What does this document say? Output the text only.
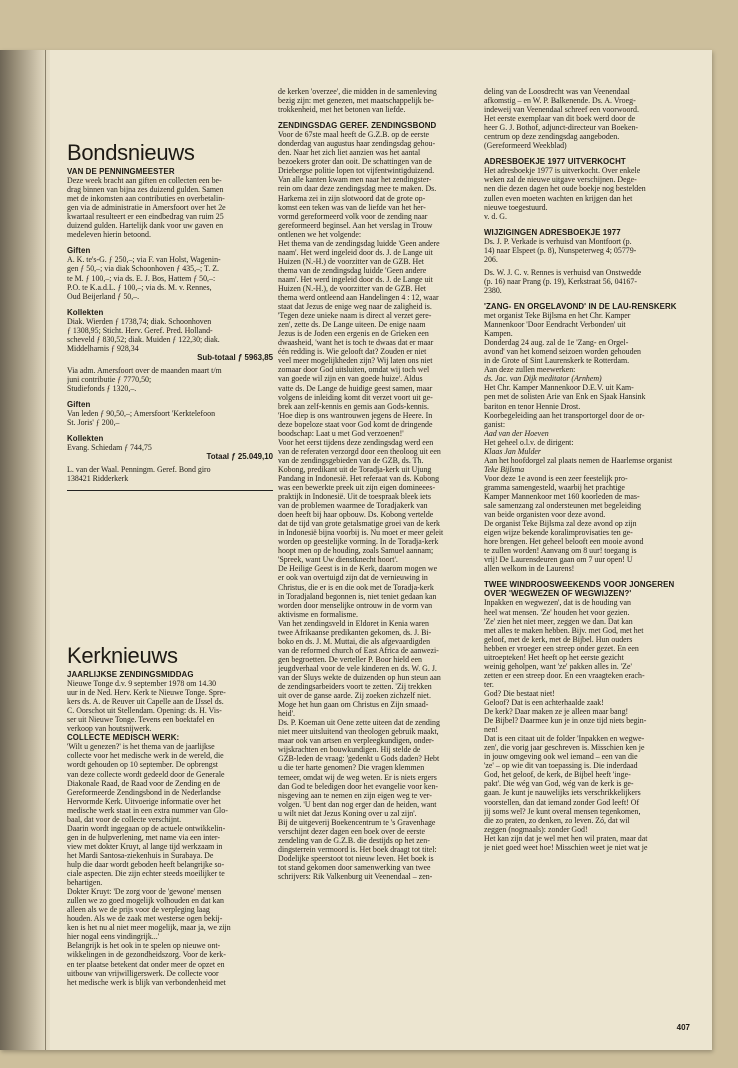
Bondsnieuws

VAN DE PENNINGMEESTER

Deze week bracht aan giften en collecten een be-

drag binnen van bijna zes duizend gulden. Samen

met de inkomsten aan contributies en overbetalin-

gen via de administratie in Amersfoort over het 2e

kwartaal resulteert er een eindbedrag van ruim 25

duizend gulden. Hartelijk dank voor uw gaven en

medeleven hierin betoond.

Giften

A. K. te's-G. ƒ 250,–; via F. van Holst, Wagenin-

gen ƒ 50,–; via diak Schoonhoven ƒ 435,–; T. Z.

te M. ƒ 100,–; via ds. E. J. Bos, Hattem ƒ 50,–:

P.O. te K.a.d.L. ƒ 100,–; via ds. M. v. Rennes,

Oud Beijerland ƒ 50,–.

Kollekten

Diak. Wierden ƒ 1738,74; diak. Schoonhoven

ƒ 1308,95; Sticht. Herv. Geref. Pred. Holland-

scheveld ƒ 830,52; diak. Muiden ƒ 122,30; diak.

Middelharnis ƒ 928,34

Sub-totaal ƒ 5963,85

Via adm. Amersfoort over de maanden maart t/m

juni contributie ƒ 7770,50;

Studiefonds ƒ 1320,–.

Giften

Van leden ƒ 90,50,–; Amersfoort 'Kerktelefoon

St. Joris' ƒ 200,–

Kollekten

Evang. Schiedam ƒ 744,75

Totaal ƒ 25.049,10

L. van der Waal. Penningm. Geref. Bond giro

138421 Ridderkerk

Kerknieuws

JAARLIJKSE ZENDINGSMIDDAG

Nieuwe Tonge d.v. 9 september 1978 om 14.30

uur in de Ned. Herv. Kerk te Nieuwe Tonge. Spre-

kers ds. A. de Reuver uit Capelle aan de IJssel ds.

C. Oorschot uit Stellendam. Opening: ds. H. Vis-

ser uit Nieuwe Tonge. Tevens een boektafel en

verkoop van houtsnijwerk.

COLLECTE MEDISCH WERK:

'Wilt u genezen?' is het thema van de jaarlijkse

collecte voor het medische werk in de wereld, die

wordt gehouden op 10 september. De opbrengst

van deze collecte wordt gedeeld door de Generale

Diakonale Raad, de Raad voor de Zending en de

Gereformeerde Zendingsbond in de Nederlandse

Hervormde Kerk. Uitvoerige informatie over het

medische werk staat in een extra nummer van Glo-

baal, dat voor de collecte verschijnt.

Daarin wordt ingegaan op de actuele ontwikkelin-

gen in de hulpverlening, met name via een inter-

view met dokter Kruyt, al lange tijd werkzaam in

het Mardi Santosa-ziekenhuis in Surabaya. De

hulp die daar wordt geboden heeft belangrijke so-

ciale aspecten. Die zijn echter steeds moeilijker te

behartigen.

Dokter Kruyt: 'De zorg voor de 'gewone' mensen

zullen we zo goed mogelijk volhouden en dat kan

alleen als we de prijs voor de verpleging laag

houden. Als we de zaak met westerse ogen bekij-

ken is het nu al niet meer mogelijk, maar ja, we zijn

hier nogal eens vindingrijk...'

Belangrijk is het ook in te spelen op nieuwe ont-

wikkelingen in de gezondheidszorg. Voor de kerk-

en ter plaatse betekent dat onder meer de opzet en

uitbouw van vrijwilligerswerk. De collecte voor

het medische werk is blijk van verbondenheid met

de kerken 'overzee', die midden in de samenleving

bezig zijn: met genezen, met maatschappelijk be-

trokkenheid, met het betonen van liefde.

ZENDINGSDAG GEREF. ZENDINGSBOND

Voor de 67ste maal heeft de G.Z.B. op de eerste

donderdag van augustus haar zendingsdag gehou-

den. Naar het zich liet aanzien was het aantal

bezoekers groter dan ooit. De schattingen van de

Driebergse politie lopen tot vijfentwintigduizend.

Van alle kanten kwam men naar het zendingster-

rein om daar deze zendingsdag mee te maken. Ds.

Harkema zei in zijn slotwoord dat de grote op-

komst een teken was van de liefde van het her-

vormd gereformeerd volk voor de zending naar

gereformeerd beginsel. Aan het verslag in Trouw

ontlenen we het volgende:

Het thema van de zendingsdag luidde 'Geen andere

naam'. Het werd ingeleid door ds. J. de Lange uit

Huizen (N.-H.) de voorzitter van de GZB. Het

thema van de zendingsdag luidde 'Geen andere

naam'. Het werd ingeleid door ds. J. de Lange uit

Huizen (N.-H.), de voorzitter van de GZB. Het

thema werd ontleend aan Handelingen 4 : 12, waar

staat dat Jezus de enige weg naar de zaligheid is.

'Tegen deze unieke naam is direct al verzet gere-

zen', zette ds. De Lange uiteen. De enige naam

Jezus is de Joden een ergenis en de Grieken een

dwaasheid, 'want het is toch te dwaas dat er maar

één redding is. Wie gelooft dat? Zouden er niet

veel meer mogelijkheden zijn? Wij laten ons niet

zomaar door God uitsluiten, omdat wij toch wel

van goede wil zijn en van goede huize'. Aldus

vatte ds. De Lange de huidige geest samen, maar

volgens de inleiding komt dit verzet voort uit ge-

brek aan zelf-kennis en gemis aan Gods-kennis.

'Hoe diep is ons wantrouwen jegens de Heere. In

deze bopeloze staat voor God komt de dringende

boodschap: Laat u met God verzoenen!'

Voor het eerst tijdens deze zendingsdag werd een

van de referaten verzorgd door een theoloog uit een

van de zendingsgebieden van de GZB, ds. Th.

Kobong, predikant uit de Toradja-kerk uit Ujung

Pandang in Indonesië. Het referaat van ds. Kobong

was een bewerkte preek uit zijn eigen domineees-

praktijk in Indonesië. Uit de toespraak bleek iets

van de problemen waarmee de Toradjakerk van

doen heeft bij haar opbouw. Ds. Kobong vertelde

dat de tijd van grote getalsmatige groei van de kerk

in Indonesië bijna voorbij is. Nu moet er meer geleit

worden op geestelijke vorming. In de Toradja-kerk

hoopt men op de houding, zoals Samuel aannam;

'Spreek, want Uw dienstknecht hoort'.

De Heilige Geest is in de Kerk, daarom mogen we

er ook van overtuigd zijn dat de vernieuwing in

Christus, die er is en die ook met de Toradja-kerk

in Toradjaland begonnen is, niet teniet gedaan kan

worden door menselijke ontrouw in de vorm van

aktivisme en formalisme.

Van het zendingsveld in Eldoret in Kenia waren

twee Afrikaanse predikanten gekomen, ds. J. Bi-

boko en ds. J. M. Muttai, die als afgevaardigden

van de reformed church of East Africa de aanwezi-

gen begroetten. De verteller P. Boor hield een

jeugdverhaal voor de vele kinderen en ds. W. G. J.

van der Sluys wekte de duizenden op hun steun aan

de zendingsarbeiders voort te zetten. 'Zij trekken

uit over de ganse aarde. Zij zoeken zichzelf niet.

Moge het hun gaan om Christus en Zijn smaad-

heid'.

Ds. P. Koeman uit Oene zette uiteen dat de zending

niet meer uitsluitend van theologen gebruik maakt,

maar ook van artsen en verpleegkundigen, onder-

wijskrachten en bouwkundigen. Hij stelde de

GZB-leden de vraag: 'gedenkt u Gods daden? Hebt

u die ter harte genomen? Die vragen klemmen

temeer, omdat wij de weg weten. Er is niets ergers

dan God te beledigen door het evangelie voor ken-

nisgeving aan te nemen en zijn eigen weg te ver-

volgen. 'U bent dan nog erger dan de heiden, want

u wilt niet dat Jezus Koning over u zal zijn'.

Bij de uitgeverij Boekencentrum te 's Gravenhage

verschijnt dezer dagen een boek over de eerste

zendeling van de G.Z.B. die destijds op het zen-

dingsterrein vermoord is. Het boek draagt tot titel:

Dodelijke speerstoot tot nieuw leven. Het boek is

tot stand gekomen door samenwerking van twee

schrijvers: Rik Valkenburg uit Veenendaal – zen-

deling van de Loosdrecht was van Veenendaal

afkomstig – en W. P. Balkenende. Ds. A. Vroeg-

indeweij van Veenendaal schreef een voorwoord.

Het eerste exemplaar van dit boek werd door de

heer G. J. Bothof, adjunct-directeur van Boeken-

centrum op deze zendingsdag aangeboden.

(Gereformeerd Weekblad)

ADRESBOEKJE 1977 UITVERKOCHT

Het adresboekje 1977 is uitverkocht. Over enkele

weken zal de nieuwe uitgave verschijnen. Dege-

nen die dezen dagen het oude boekje nog bestelden

zullen even moeten wachten en krijgen dan het

nieuwe toegestuurd.

v. d. G.

WIJZIGINGEN ADRESBOEKJE 1977

Ds. J. P. Verkade is verhuisd van Montfoort (p.

14) naar Elspeet (p. 8), Nunspeterweg 4; 05779-

206.

Ds. W. J. C. v. Rennes is verhuisd van Onstwedde

(p. 16) naar Prang (p. 19), Kerkstraat 56, 04167-

2380.

'ZANG- EN ORGELAVOND' IN DE LAU-RENSKERK

met organist Teke Bijlsma en het Chr. Kamper

Mannenkoor 'Door Eendracht Verbonden' uit

Kampen.

Donderdag 24 aug. zal de 1e 'Zang- en Orgel-

avond' van het komend seizoen worden gehouden

in de Grote of Sint Laurenskerk te Rotterdam.

Aan deze zullen meewerken:

ds. Jac. van Dijk meditator (Arnhem)

Het Chr. Kamper Mannenkoor D.E.V. uit Kam-

pen met de solisten Arie van Enk en Sjaak Hansink

bariton en tenor Hennie Drost.

Koorbegeleiding aan het transportorgel door de or-

ganist:

Aad van der Hoeven

Het geheel o.l.v. de dirigent:

Klaas Jan Mulder

Aan het hoofdorgel zal plaats nemen de Haarlemse organist

Teke Bijlsma

Voor deze 1e avond is een zeer feestelijk pro-

gramma samengesteld, waarbij het prachtige

Kamper Mannenkoor met 160 koorleden de mas-

sale samenzang zal ondersteunen met begeleiding

van beide organisten voor deze avond.

De organist Teke Bijlsma zal deze avond op zijn

eigen wijze bekende koralimprovisaties ten ge-

hore brengen. Het geheel belooft een mooie avond

te zullen worden! Aanvang om 8 uur! toegang is

vrij! De Laurensdeuren gaan om 7 uur open! U

allen welkom in de Laurens!

TWEE WINDROOSWEEKENDS VOOR JONGEREN OVER 'WEGWEZEN OF WEGWIJZEN?'

Inpakken en wegwezen', dat is de houding van

heel wat mensen. 'Ze' houden het voor gezien.

'Ze' zien het niet meer, zeggen we dan. Dat kan

met alles te maken hebben. Bijv. met God, met het

geloof, met de kerk, met de Bijbel. Hun ouders

hebben er vroeger een streep onder gezet. En een

uitroepteken! Het heeft op het eerste gezicht

weinig geholpen, want 'ze' pakken alles in. 'Ze'

zetten er een streep door. En een vraagteken erach-

ter.

God? Die bestaat niet!

Geloof? Dat is een achterhaalde zaak!

De kerk? Daar maken ze je alleen maar bang!

De Bijbel? Daarmee kun je in onze tijd niets begin-

nen!

Dat is een citaat uit de folder 'Inpakken en wegwe-

zen', die vorig jaar geschreven is. Misschien ken je

in jouw omgeving ook wel iemand – een van die

'ze' – op wie dit van toepassing is. Die inderdaad

God, het geloof, de kerk, de Bijbel heeft 'inge-

pakt'. Die wég van God, wég van de kerk is ge-

gaan. Je kunt je nauwelijks iets verschrikkelijkers

voorstellen, dan dat iemand zonder God leeft! Of

jij soms wel? Je kunt overal mensen tegenkomen,

die zo praten, zo denken, zo leven. Zó, dat wil

zeggen (nogmaals): zonder God!

Het kan zijn dat je wel met hen wil praten, maar dat

je niet goed weet hoe! Misschien weet je niet wat je

407
